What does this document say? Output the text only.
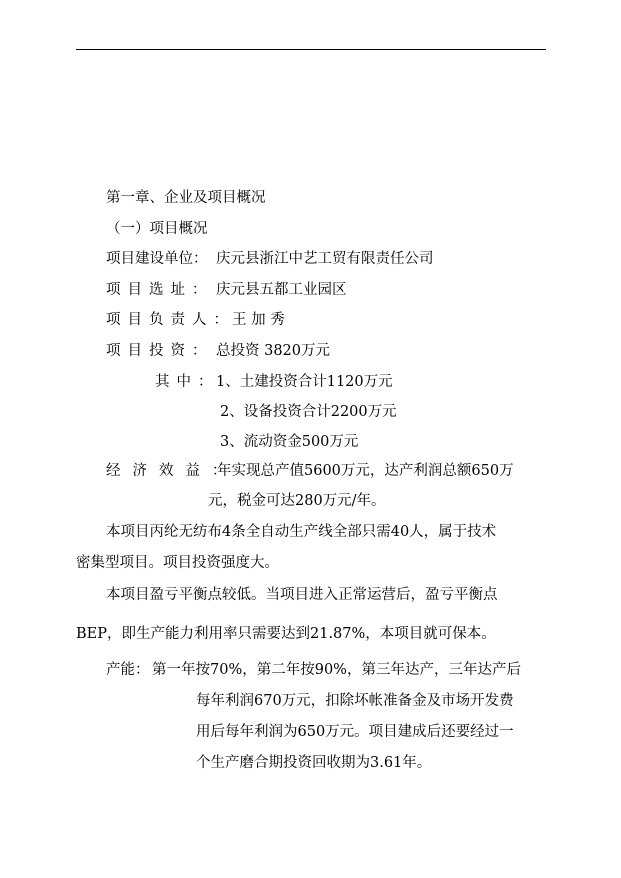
第一章、企业及项目概况
（一）项目概况
项目建设单位： 庆元县浙江中艺工贸有限责任公司
项目选址： 庆元县五都工业园区
项目负责人：
王 加 秀
项目投资： 总投资 3820万元
其中：
1、土建投资合计1120万元
2、设备投资合计2200万元
3、流动资金500万元
经济效益：
年实现总产值5600万元，达产利润总额650万
元，税金可达280万元/年。
本项目丙纶无纺布4条全自动生产线全部只需40人，属于技术
密集型项目。项目投资强度大。
本项目盈亏平衡点较低。当项目进入正常运营后，盈亏平衡点
BEP，即生产能力利用率只需要达到21.87%，本项目就可保本。
产能： 第一年按70%，第二年按90%，第三年达产，三年达产后
每年利润670万元，扣除坏帐准备金及市场开发费
用后每年利润为650万元。项目建成后还要经过一
个生产磨合期投资回收期为3.61年。
